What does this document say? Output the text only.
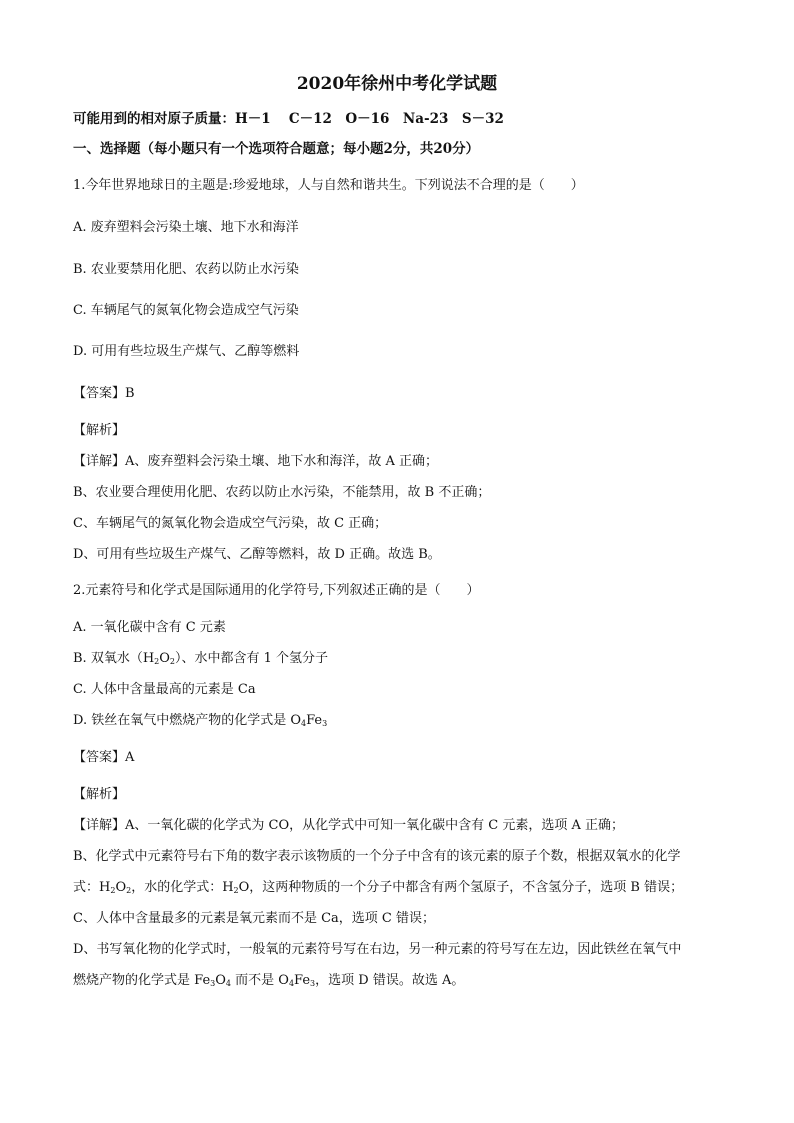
2020年徐州中考化学试题
可能用到的相对原子质量：H－1　 C－12　O－16　Na-23　S－32
一、选择题（每小题只有一个选项符合题意；每小题2分，共20分）
1.今年世界地球日的主题是:珍爱地球，人与自然和谐共生。下列说法不合理的是（　　）
A. 废弃塑料会污染土壤、地下水和海洋
B. 农业要禁用化肥、农药以防止水污染
C. 车辆尾气的氮氧化物会造成空气污染
D. 可用有些垃圾生产煤气、乙醇等燃料
【答案】B
【解析】
【详解】A、废弃塑料会污染土壤、地下水和海洋，故 A 正确；
B、农业要合理使用化肥、农药以防止水污染，不能禁用，故 B 不正确；
C、车辆尾气的氮氧化物会造成空气污染，故 C 正确；
D、可用有些垃圾生产煤气、乙醇等燃料，故 D 正确。故选 B。
2.元素符号和化学式是国际通用的化学符号,下列叙述正确的是（　　）
A. 一氧化碳中含有 C 元素
B. 双氧水$(H_2O_2)$、水中都含有 1 个氢分子
C. 人体中含量最高的元素是 Ca
D. 铁丝在氧气中燃烧产物的化学式是 $O_4Fe_3$
【答案】A
【解析】
【详解】A、一氧化碳的化学式为 CO，从化学式中可知一氧化碳中含有 C 元素，选项 A 正确；
B、化学式中元素符号右下角的数字表示该物质的一个分子中含有的该元素的原子个数，根据双氧水的化学
式：$H_2O_2$，水的化学式：$H_2O$，这两种物质的一个分子中都含有两个氢原子，不含氢分子，选项 B 错误；
C、人体中含量最多的元素是氧元素而不是 Ca，选项 C 错误；
D、书写氧化物的化学式时，一般氧的元素符号写在右边，另一种元素的符号写在左边，因此铁丝在氧气中
燃烧产物的化学式是 $Fe_3O_4$ 而不是 $O_4Fe_3$，选项 D 错误。故选 A。
